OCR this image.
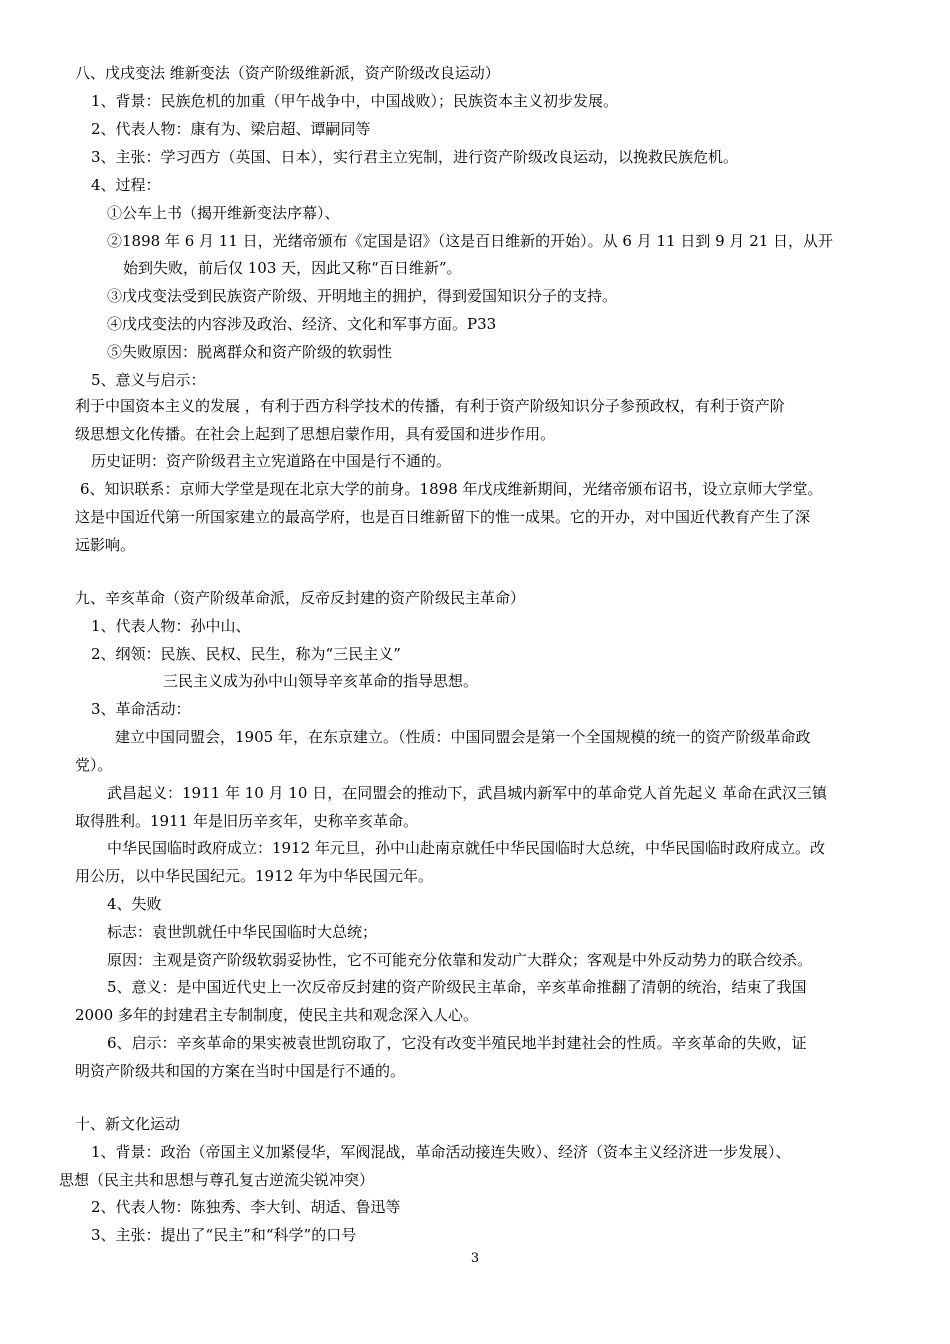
八、戊戌变法 维新变法（资产阶级维新派，资产阶级改良运动）
1、背景：民族危机的加重（甲午战争中，中国战败）；民族资本主义初步发展。
2、代表人物：康有为、梁启超、谭嗣同等
3、主张：学习西方（英国、日本），实行君主立宪制，进行资产阶级改良运动，以挽救民族危机。
4、过程：
①公车上书（揭开维新变法序幕）、
②1898 年 6 月 11 日，光绪帝颁布《定国是诏》（这是百日维新的开始）。从 6 月 11 日到 9 月 21 日，从开
始到失败，前后仅 103 天，因此又称“百日维新”。
③戊戌变法受到民族资产阶级、开明地主的拥护，得到爱国知识分子的支持。
④戊戌变法的内容涉及政治、经济、文化和军事方面。P33
⑤失败原因：脱离群众和资产阶级的软弱性
5、意义与启示：
利于中国资本主义的发展 ，有利于西方科学技术的传播，有利于资产阶级知识分子参预政权，有利于资产阶
级思想文化传播。在社会上起到了思想启蒙作用，具有爱国和进步作用。
历史证明：资产阶级君主立宪道路在中国是行不通的。
6、知识联系：京师大学堂是现在北京大学的前身。1898 年戊戌维新期间，光绪帝颁布诏书，设立京师大学堂。
这是中国近代第一所国家建立的最高学府，也是百日维新留下的惟一成果。它的开办，对中国近代教育产生了深
远影响。
九、辛亥革命（资产阶级革命派，反帝反封建的资产阶级民主革命）
1、代表人物：孙中山、
2、纲领：民族、民权、民生，称为“三民主义”
三民主义成为孙中山领导辛亥革命的指导思想。
3、革命活动：
建立中国同盟会，1905 年，在东京建立。（性质：中国同盟会是第一个全国规模的统一的资产阶级革命政
党）。
武昌起义：1911 年 10 月 10 日，在同盟会的推动下，武昌城内新军中的革命党人首先起义 革命在武汉三镇
取得胜利。1911 年是旧历辛亥年，史称辛亥革命。
中华民国临时政府成立：1912 年元旦，孙中山赴南京就任中华民国临时大总统，中华民国临时政府成立。改
用公历，以中华民国纪元。1912 年为中华民国元年。
4、失败
标志：袁世凯就任中华民国临时大总统；
原因：主观是资产阶级软弱妥协性，它不可能充分依靠和发动广大群众；客观是中外反动势力的联合绞杀。
5、意义：是中国近代史上一次反帝反封建的资产阶级民主革命，辛亥革命推翻了清朝的统治，结束了我国
2000 多年的封建君主专制制度，使民主共和观念深入人心。
6、启示：辛亥革命的果实被袁世凯窃取了，它没有改变半殖民地半封建社会的性质。辛亥革命的失败，证
明资产阶级共和国的方案在当时中国是行不通的。
十、新文化运动
1、背景：政治（帝国主义加紧侵华，军阀混战，革命活动接连失败）、经济（资本主义经济进一步发展）、
思想（民主共和思想与尊孔复古逆流尖锐冲突）
2、代表人物：陈独秀、李大钊、胡适、鲁迅等
3、主张：提出了“民主”和“科学”的口号
3
